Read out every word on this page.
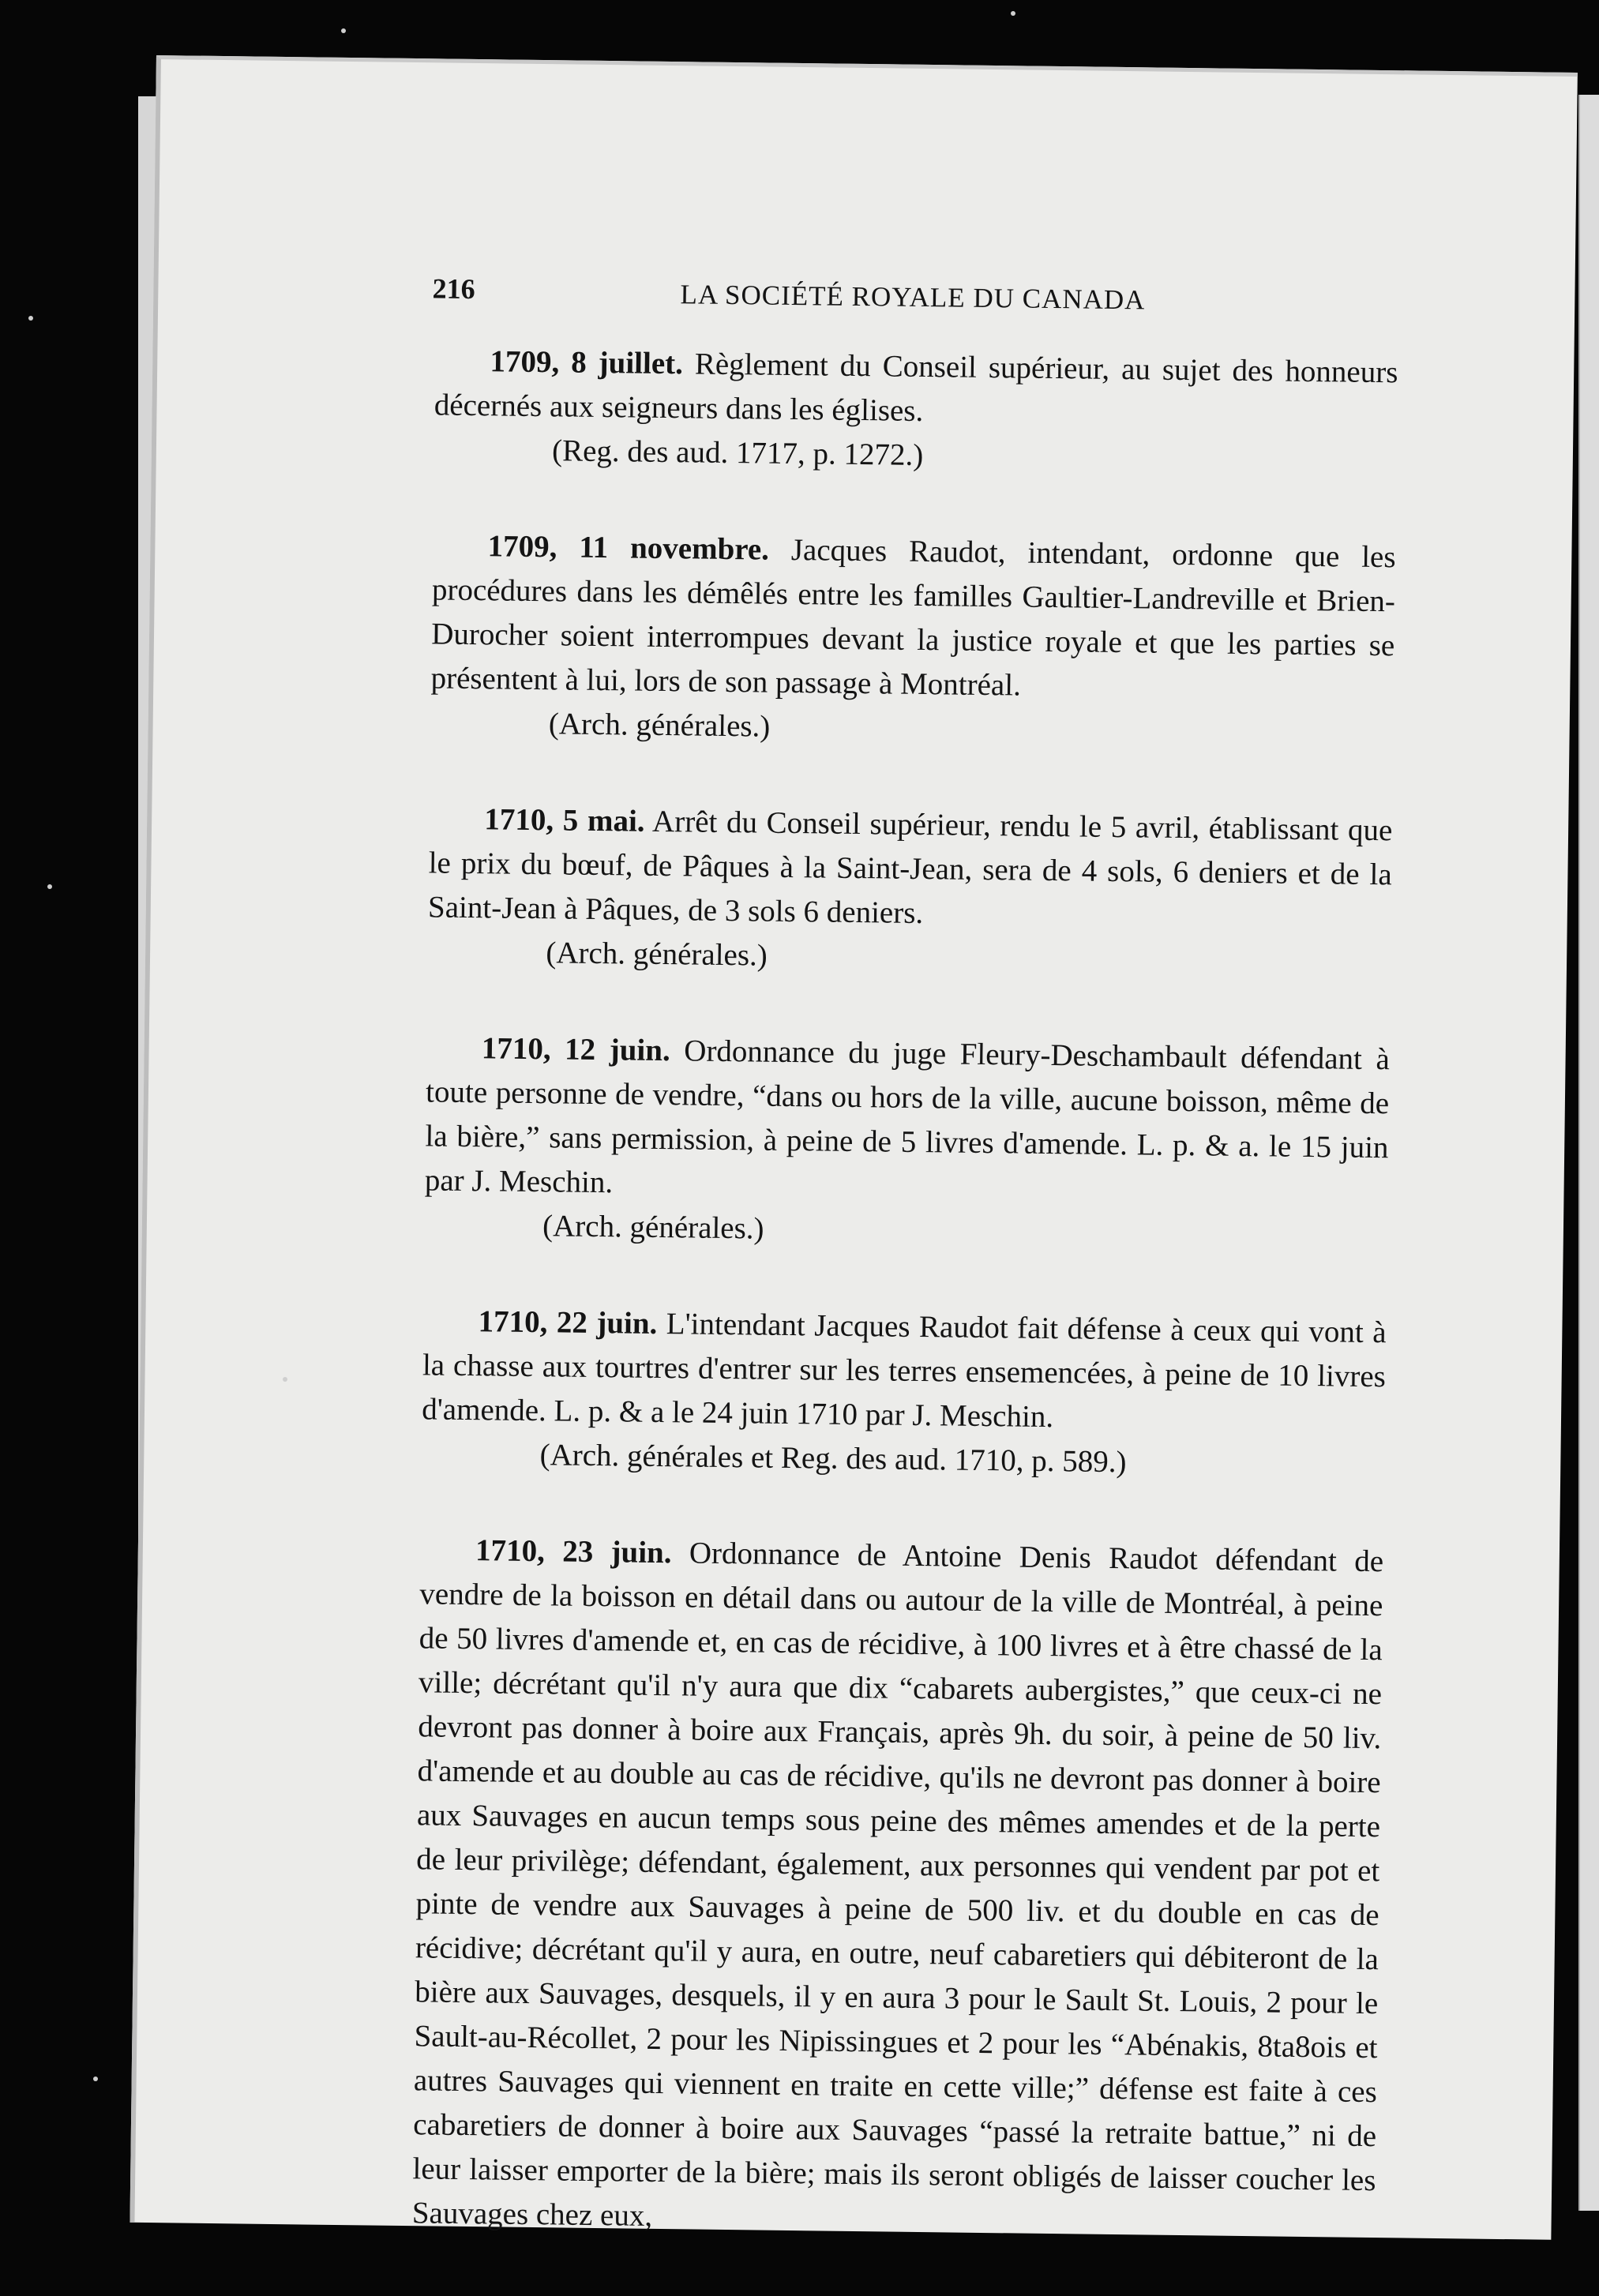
216	LA SOCIÉTÉ ROYALE DU CANADA

1709, 8 juillet. Règlement du Conseil supérieur, au sujet des honneurs décernés aux seigneurs dans les églises.

(Reg. des aud. 1717, p. 1272.)

1709, 11 novembre. Jacques Raudot, intendant, ordonne que les procédures dans les démêlés entre les familles Gaultier-Landreville et Brien-Durocher soient interrompues devant la justice royale et que les parties se présentent à lui, lors de son passage à Montréal.

(Arch. générales.)

1710, 5 mai. Arrêt du Conseil supérieur, rendu le 5 avril, établissant que le prix du bœuf, de Pâques à la Saint-Jean, sera de 4 sols, 6 deniers et de la Saint-Jean à Pâques, de 3 sols 6 deniers.

(Arch. générales.)

1710, 12 juin. Ordonnance du juge Fleury-Deschambault défendant à toute personne de vendre, “dans ou hors de la ville, aucune boisson, même de la bière,” sans permission, à peine de 5 livres d'amende. L. p. & a. le 15 juin par J. Meschin.

(Arch. générales.)

1710, 22 juin. L'intendant Jacques Raudot fait défense à ceux qui vont à la chasse aux tourtres d'entrer sur les terres ensemencées, à peine de 10 livres d'amende. L. p. & a le 24 juin 1710 par J. Meschin.

(Arch. générales et Reg. des aud. 1710, p. 589.)

1710, 23 juin. Ordonnance de Antoine Denis Raudot défendant de vendre de la boisson en détail dans ou autour de la ville de Montréal, à peine de 50 livres d'amende et, en cas de récidive, à 100 livres et à être chassé de la ville; décrétant qu'il n'y aura que dix “cabarets aubergistes,” que ceux-ci ne devront pas donner à boire aux Français, après 9h. du soir, à peine de 50 liv. d'amende et au double au cas de récidive, qu'ils ne devront pas donner à boire aux Sauvages en aucun temps sous peine des mêmes amendes et de la perte de leur privilège; défendant, également, aux personnes qui vendent par pot et pinte de vendre aux Sauvages à peine de 500 liv. et du double en cas de récidive; décrétant qu'il y aura, en outre, neuf cabaretiers qui débiteront de la bière aux Sauvages, desquels, il y en aura 3 pour le Sault St. Louis, 2 pour le Sault-au-Récollet, 2 pour les Nipissingues et 2 pour les “Abénakis, 8ta8ois et autres Sauvages qui viennent en traite en cette ville;” défense est faite à ces cabaretiers de donner à boire aux Sauvages “passé la retraite battue,” ni de leur laisser emporter de la bière; mais ils seront obligés de laisser coucher les Sauvages chez eux,
